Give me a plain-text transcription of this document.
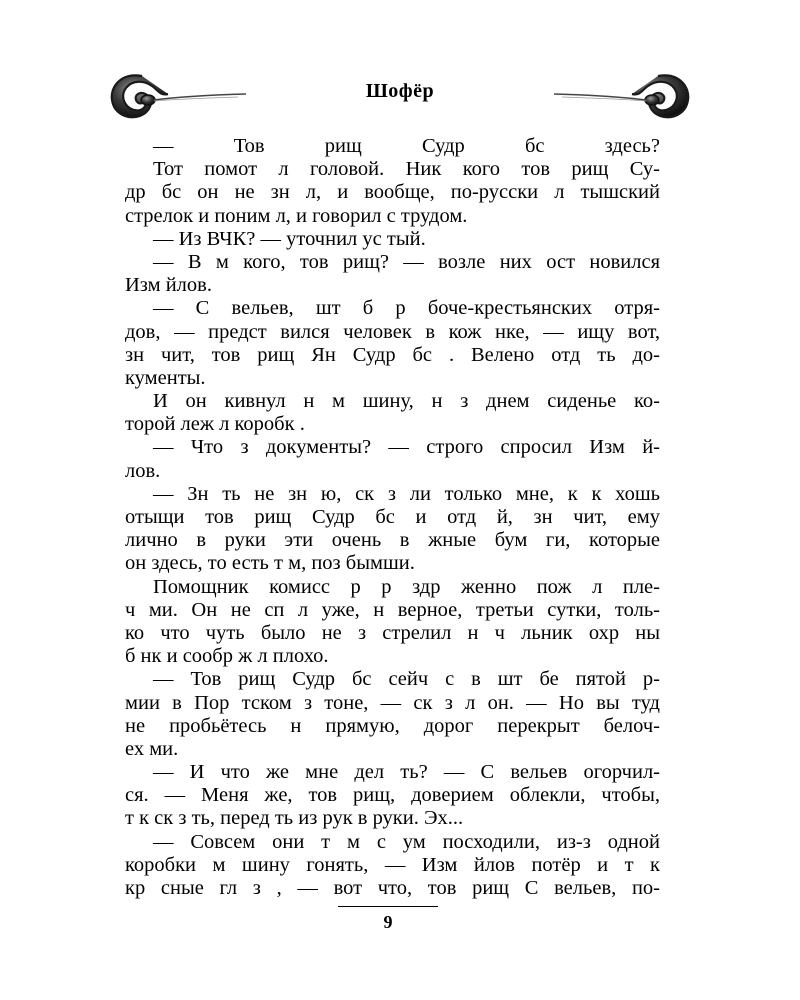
Шофёр
— Тов рищ Судр бс здесь?
Тот помот л головой. Ник кого тов рищ Су-
др бс он не зн л, и вообще, по-русски л тышский
стрелок и поним л, и говорил с трудом.
— Из ВЧК? — уточнил ус тый.
— В м кого, тов рищ? — возле них ост новился
Изм йлов.
— С вельев, шт б р боче-крестьянских отря-
дов, — предст вился человек в кож нке, — ищу вот,
зн чит, тов рищ Ян Судр бс . Велено отд ть до-
кументы.
И он кивнул н м шину, н з днем сиденье ко-
торой леж л коробк .
— Что з документы? — строго спросил Изм й-
лов.
— Зн ть не зн ю, ск з ли только мне, к к хошь
отыщи тов рищ Судр бс и отд й, зн чит, ему
лично в руки эти очень в жные бум ги, которые
он здесь, то есть т м, поз бымши.
Помощник комисс р р здр женно пож л пле-
ч ми. Он не сп л уже, н верное, третьи сутки, толь-
ко что чуть было не з стрелил н ч льник охр ны
б нк и сообр ж л плохо.
— Тов рищ Судр бс сейч с в шт бе пятой р-
мии в Пор тском з тоне, — ск з л он. — Но вы туд
не пробьётесь н прямую, дорог перекрыт белоч-
ех ми.
— И что же мне дел ть? — С вельев огорчил-
ся. — Меня же, тов рищ, доверием облекли, чтобы,
т к ск з ть, перед ть из рук в руки. Эх...
— Совсем они т м с ум посходили, из-з одной
коробки м шину гонять, — Изм йлов потёр и т к
кр сные гл з , — вот что, тов рищ С вельев, по-
9
